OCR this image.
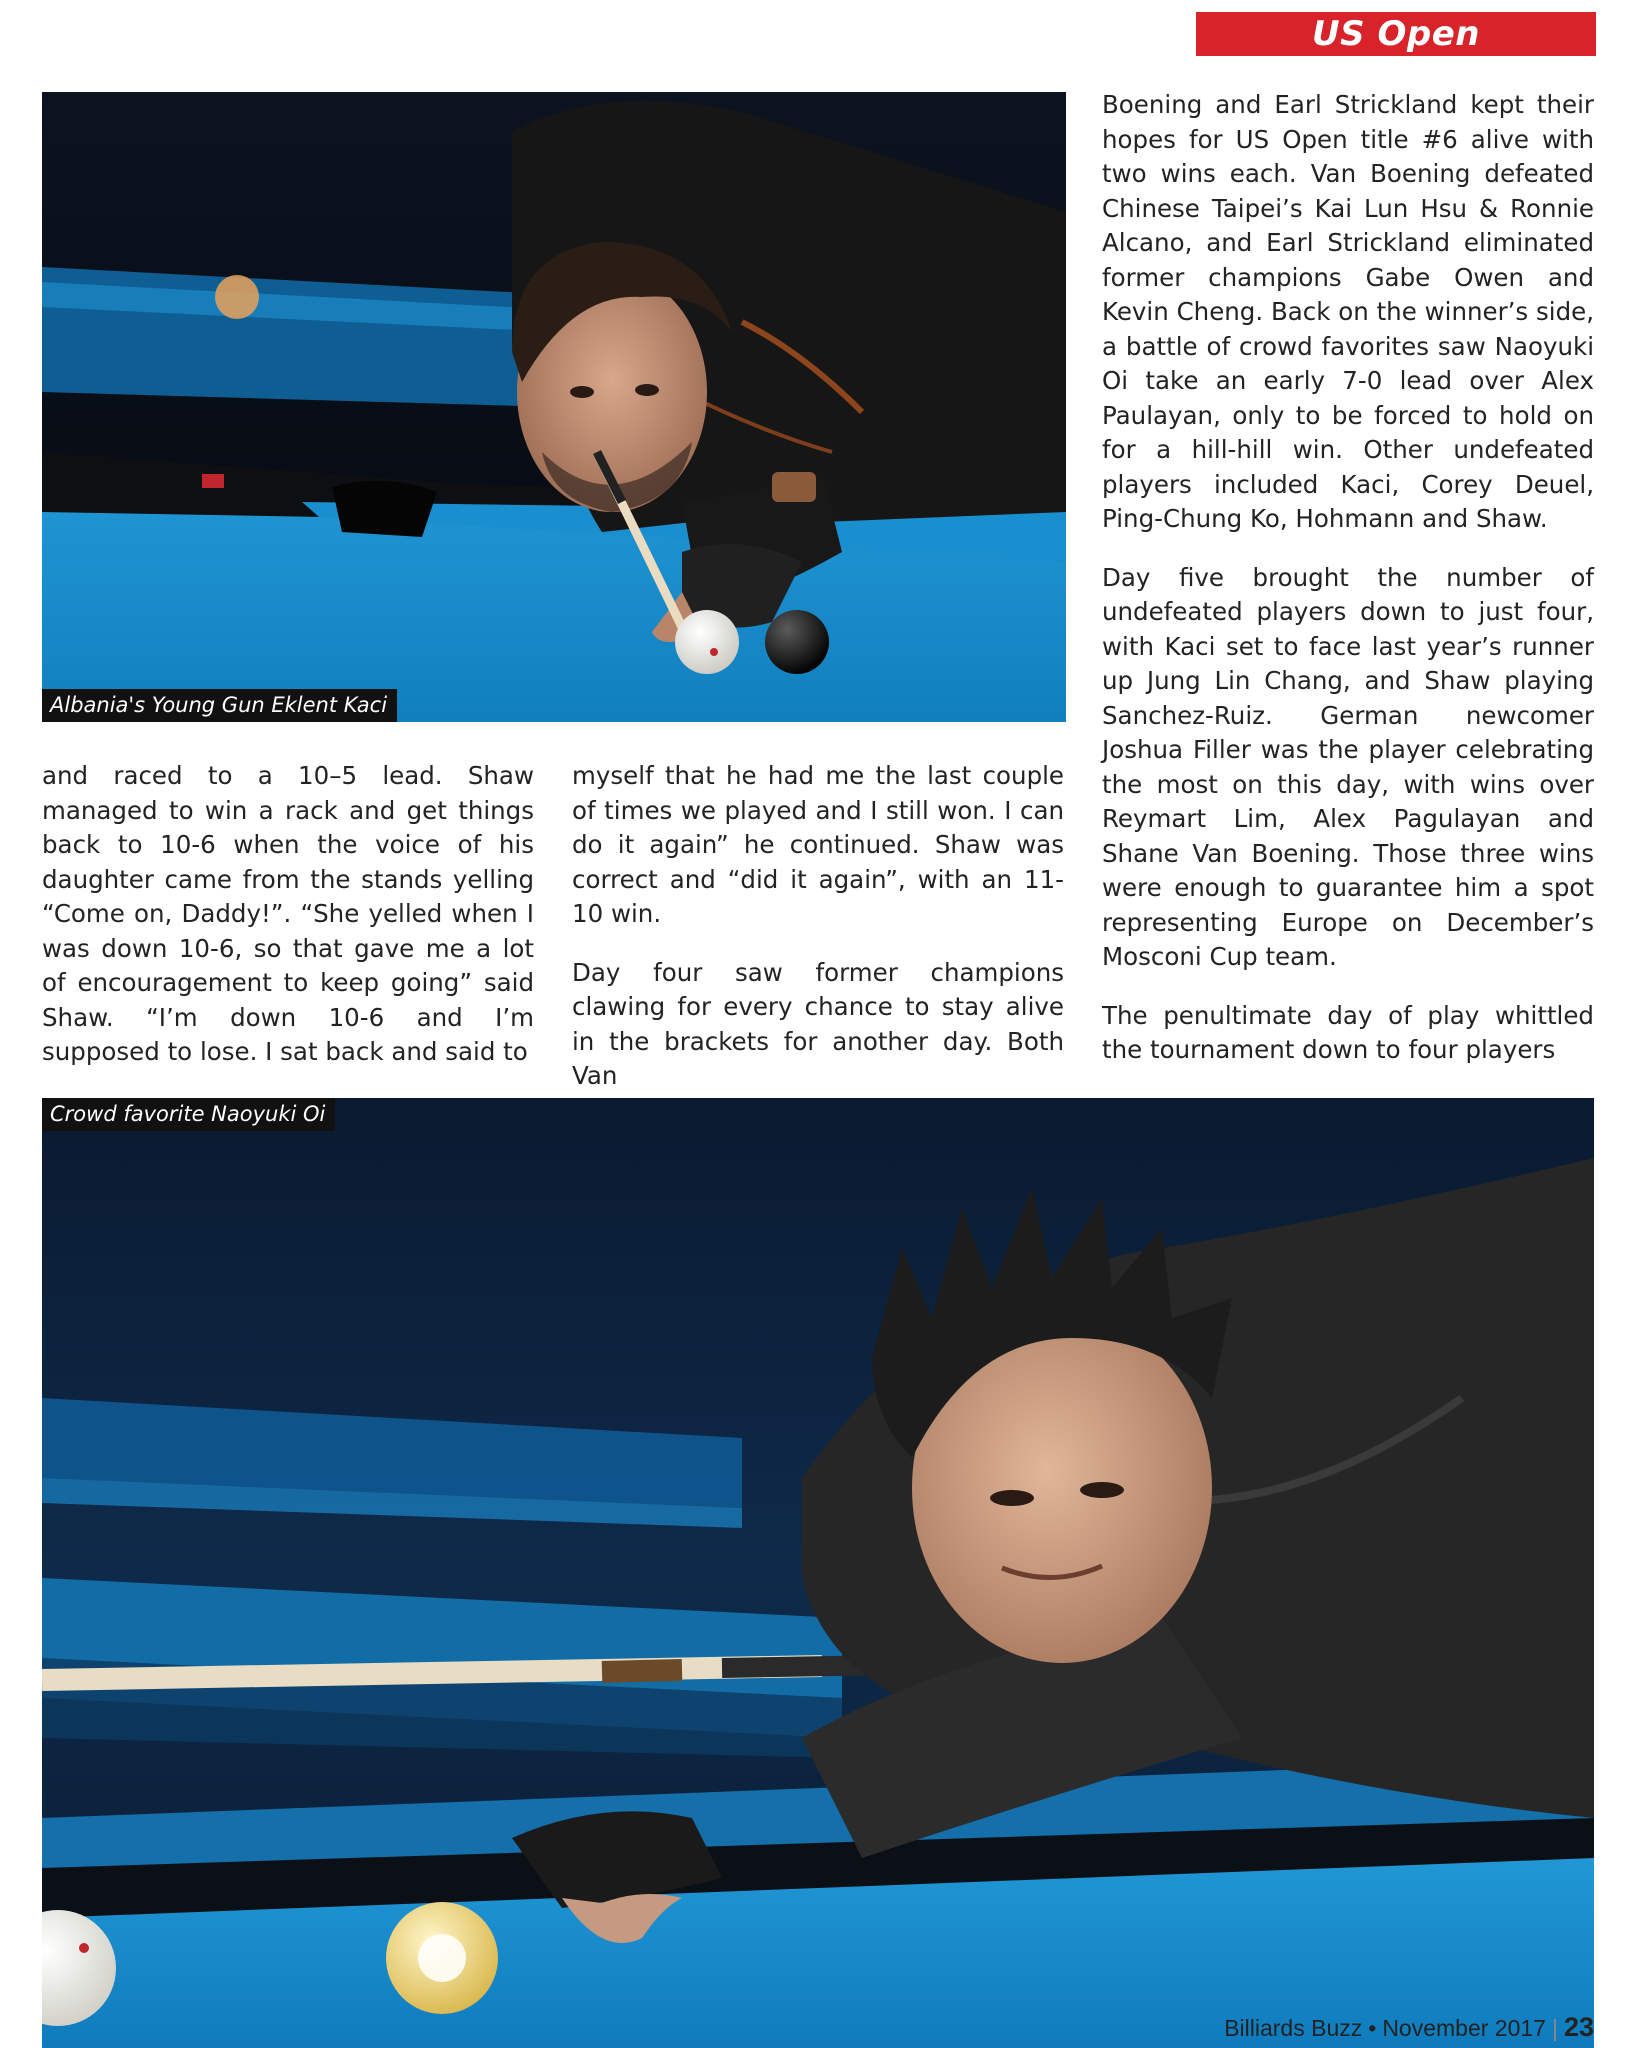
US Open
Albania's Young Gun Eklent Kaci

Boening and Earl Strickland kept their hopes for US Open title #6 alive with two wins each. Van Boening defeated Chinese Taipei’s Kai Lun Hsu & Ronnie Alcano, and Earl Strickland eliminated former champions Gabe Owen and Kevin Cheng. Back on the winner’s side, a battle of crowd favorites saw Naoyuki Oi take an early 7-0 lead over Alex Paulayan, only to be forced to hold on for a hill-hill win. Other undefeated players included Kaci, Corey Deuel, Ping-Chung Ko, Hohmann and Shaw.

Day five brought the number of undefeated players down to just four, with Kaci set to face last year’s runner up Jung Lin Chang, and Shaw playing Sanchez-Ruiz. German newcomer Joshua Filler was the player celebrating the most on this day, with wins over Reymart Lim, Alex Pagulayan and Shane Van Boening. Those three wins were enough to guarantee him a spot representing Europe on December’s Mosconi Cup team.

The penultimate day of play whittled the tournament down to four players

and raced to a 10–5 lead. Shaw managed to win a rack and get things back to 10-6 when the voice of his daughter came from the stands yelling “Come on, Daddy!”. “She yelled when I was down 10-6, so that gave me a lot of encouragement to keep going” said Shaw. “I’m down 10-6 and I’m supposed to lose. I sat back and said to

myself that he had me the last couple of times we played and I still won. I can do it again” he continued. Shaw was correct and “did it again”, with an 11-10 win.

Day four saw former champions clawing for every chance to stay alive in the brackets for another day. Both Van

Crowd favorite Naoyuki Oi
Billiards Buzz • November 2017 | 23
